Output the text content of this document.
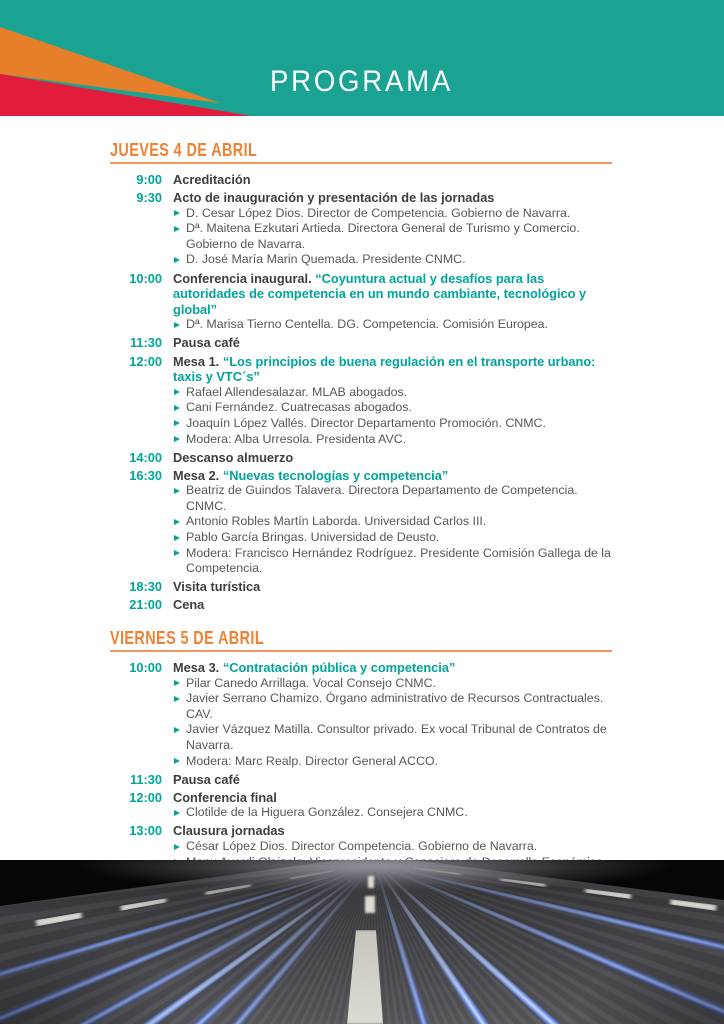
PROGRAMA
JUEVES 4 DE ABRIL
9:00 Acreditación

9:30 Acto de inauguración y presentación de las jornadas

D. Cesar López Dios. Director de Competencia. Gobierno de Navarra.
Dª. Maitena Ezkutari Artieda. Directora General de Turismo y Comercio. Gobierno de Navarra.
D. José María Marin Quemada. Presidente CNMC.
10:00 Conferencia inaugural. “Coyuntura actual y desafíos para las autoridades de competencia en un mundo cambiante, tecnológico y global”

Dª. Marisa Tierno Centella. DG. Competencia. Comisión Europea.
11:30 Pausa café

12:00 Mesa 1. “Los principios de buena regulación en el transporte urbano: taxis y VTC´s”

Rafael Allendesalazar. MLAB abogados.
Cani Fernández. Cuatrecasas abogados.
Joaquín López Vallés. Director Departamento Promoción. CNMC.
Modera: Alba Urresola. Presidenta AVC.
14:00 Descanso almuerzo

16:30 Mesa 2. “Nuevas tecnologías y competencia”

Beatriz de Guindos Talavera. Directora Departamento de Competencia. CNMC.
Antonio Robles Martín Laborda. Universidad Carlos III.
Pablo García Bringas. Universidad de Deusto.
Modera: Francisco Hernández Rodríguez. Presidente Comisión Gallega de la Competencia.
18:30 Visita turística

21:00 Cena

VIERNES 5 DE ABRIL
10:00 Mesa 3. “Contratación pública y competencia”

Pilar Canedo Arrillaga. Vocal Consejo CNMC.
Javier Serrano Chamizo. Órgano administrativo de Recursos Contractuales. CAV.
Javier Vázquez Matilla. Consultor privado. Ex vocal Tribunal de Contratos de Navarra.
Modera: Marc Realp. Director General ACCO.
11:30 Pausa café

12:00 Conferencia final

Clotilde de la Higuera González. Consejera CNMC.
13:00 Clausura jornadas

César López Dios. Director Competencia. Gobierno de Navarra.
